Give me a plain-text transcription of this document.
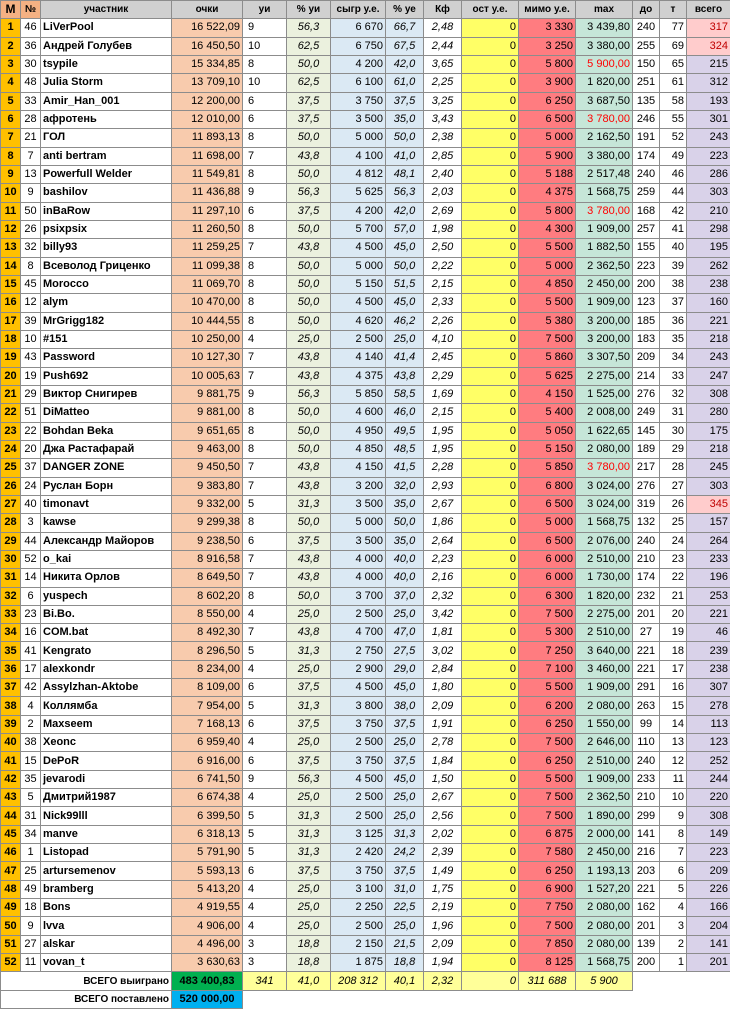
М	№	участник	очки	уи	% уи	сыгр у.е.	% уе	Кф	ост у.е.	мимо у.е.	max	до	т	всего
1	46	LiVerPool	16 522,09	9	56,3	6 670	66,7	2,48	0	3 330	3 439,80	240	77	317
2	36	Андрей Голубев	16 450,50	10	62,5	6 750	67,5	2,44	0	3 250	3 380,00	255	69	324
3	30	tsypile	15 334,85	8	50,0	4 200	42,0	3,65	0	5 800	5 900,00	150	65	215
4	48	Julia Storm	13 709,10	10	62,5	6 100	61,0	2,25	0	3 900	1 820,00	251	61	312
5	33	Amir_Han_001	12 200,00	6	37,5	3 750	37,5	3,25	0	6 250	3 687,50	135	58	193
6	28	афротень	12 010,00	6	37,5	3 500	35,0	3,43	0	6 500	3 780,00	246	55	301
7	21	ГОЛ	11 893,13	8	50,0	5 000	50,0	2,38	0	5 000	2 162,50	191	52	243
8	7	anti bertram	11 698,00	7	43,8	4 100	41,0	2,85	0	5 900	3 380,00	174	49	223
9	13	Powerfull Welder	11 549,81	8	50,0	4 812	48,1	2,40	0	5 188	2 517,48	240	46	286
10	9	bashilov	11 436,88	9	56,3	5 625	56,3	2,03	0	4 375	1 568,75	259	44	303
11	50	inBaRow	11 297,10	6	37,5	4 200	42,0	2,69	0	5 800	3 780,00	168	42	210
12	26	psixpsix	11 260,50	8	50,0	5 700	57,0	1,98	0	4 300	1 909,00	257	41	298
13	32	billy93	11 259,25	7	43,8	4 500	45,0	2,50	0	5 500	1 882,50	155	40	195
14	8	Всеволод Гриценко	11 099,38	8	50,0	5 000	50,0	2,22	0	5 000	2 362,50	223	39	262
15	45	Morocco	11 069,70	8	50,0	5 150	51,5	2,15	0	4 850	2 450,00	200	38	238
16	12	alym	10 470,00	8	50,0	4 500	45,0	2,33	0	5 500	1 909,00	123	37	160
17	39	MrGrigg182	10 444,55	8	50,0	4 620	46,2	2,26	0	5 380	3 200,00	185	36	221
18	10	#151	10 250,00	4	25,0	2 500	25,0	4,10	0	7 500	3 200,00	183	35	218
19	43	Password	10 127,30	7	43,8	4 140	41,4	2,45	0	5 860	3 307,50	209	34	243
20	19	Push692	10 005,63	7	43,8	4 375	43,8	2,29	0	5 625	2 275,00	214	33	247
21	29	Виктор Снигирев	9 881,75	9	56,3	5 850	58,5	1,69	0	4 150	1 525,00	276	32	308
22	51	DiMatteo	9 881,00	8	50,0	4 600	46,0	2,15	0	5 400	2 008,00	249	31	280
23	22	Bohdan Beka	9 651,65	8	50,0	4 950	49,5	1,95	0	5 050	1 622,65	145	30	175
24	20	Джа Растафарай	9 463,00	8	50,0	4 850	48,5	1,95	0	5 150	2 080,00	189	29	218
25	37	DANGER ZONE	9 450,50	7	43,8	4 150	41,5	2,28	0	5 850	3 780,00	217	28	245
26	24	Руслан Борн	9 383,80	7	43,8	3 200	32,0	2,93	0	6 800	3 024,00	276	27	303
27	40	timonavt	9 332,00	5	31,3	3 500	35,0	2,67	0	6 500	3 024,00	319	26	345
28	3	kawse	9 299,38	8	50,0	5 000	50,0	1,86	0	5 000	1 568,75	132	25	157
29	44	Александр Майоров	9 238,50	6	37,5	3 500	35,0	2,64	0	6 500	2 076,00	240	24	264
30	52	o_kai	8 916,58	7	43,8	4 000	40,0	2,23	0	6 000	2 510,00	210	23	233
31	14	Никита Орлов	8 649,50	7	43,8	4 000	40,0	2,16	0	6 000	1 730,00	174	22	196
32	6	yuspech	8 602,20	8	50,0	3 700	37,0	2,32	0	6 300	1 820,00	232	21	253
33	23	Bi.Bo.	8 550,00	4	25,0	2 500	25,0	3,42	0	7 500	2 275,00	201	20	221
34	16	COM.bat	8 492,30	7	43,8	4 700	47,0	1,81	0	5 300	2 510,00	27	19	46
35	41	Kengrato	8 296,50	5	31,3	2 750	27,5	3,02	0	7 250	3 640,00	221	18	239
36	17	alexkondr	8 234,00	4	25,0	2 900	29,0	2,84	0	7 100	3 460,00	221	17	238
37	42	Assylzhan-Aktobe	8 109,00	6	37,5	4 500	45,0	1,80	0	5 500	1 909,00	291	16	307
38	4	Коллямба	7 954,00	5	31,3	3 800	38,0	2,09	0	6 200	2 080,00	263	15	278
39	2	Maxseem	7 168,13	6	37,5	3 750	37,5	1,91	0	6 250	1 550,00	99	14	113
40	38	Xeonc	6 959,40	4	25,0	2 500	25,0	2,78	0	7 500	2 646,00	110	13	123
41	15	DePoR	6 916,00	6	37,5	3 750	37,5	1,84	0	6 250	2 510,00	240	12	252
42	35	jevarodi	6 741,50	9	56,3	4 500	45,0	1,50	0	5 500	1 909,00	233	11	244
43	5	Дмитрий1987	6 674,38	4	25,0	2 500	25,0	2,67	0	7 500	2 362,50	210	10	220
44	31	Nick99lll	6 399,50	5	31,3	2 500	25,0	2,56	0	7 500	1 890,00	299	9	308
45	34	manve	6 318,13	5	31,3	3 125	31,3	2,02	0	6 875	2 000,00	141	8	149
46	1	Listopad	5 791,90	5	31,3	2 420	24,2	2,39	0	7 580	2 450,00	216	7	223
47	25	artursemenov	5 593,13	6	37,5	3 750	37,5	1,49	0	6 250	1 193,13	203	6	209
48	49	bramberg	5 413,20	4	25,0	3 100	31,0	1,75	0	6 900	1 527,20	221	5	226
49	18	Bons	4 919,55	4	25,0	2 250	22,5	2,19	0	7 750	2 080,00	162	4	166
50	9	lvva	4 906,00	4	25,0	2 500	25,0	1,96	0	7 500	2 080,00	201	3	204
51	27	alskar	4 496,00	3	18,8	2 150	21,5	2,09	0	7 850	2 080,00	139	2	141
52	11	vovan_t	3 630,63	3	18,8	1 875	18,8	1,94	0	8 125	1 568,75	200	1	201
ВСЕГО выиграно			483 400,83	341	41,0	208 312	40,1	2,32	0	311 688	5 900			
ВСЕГО поставлено			520 000,00											
